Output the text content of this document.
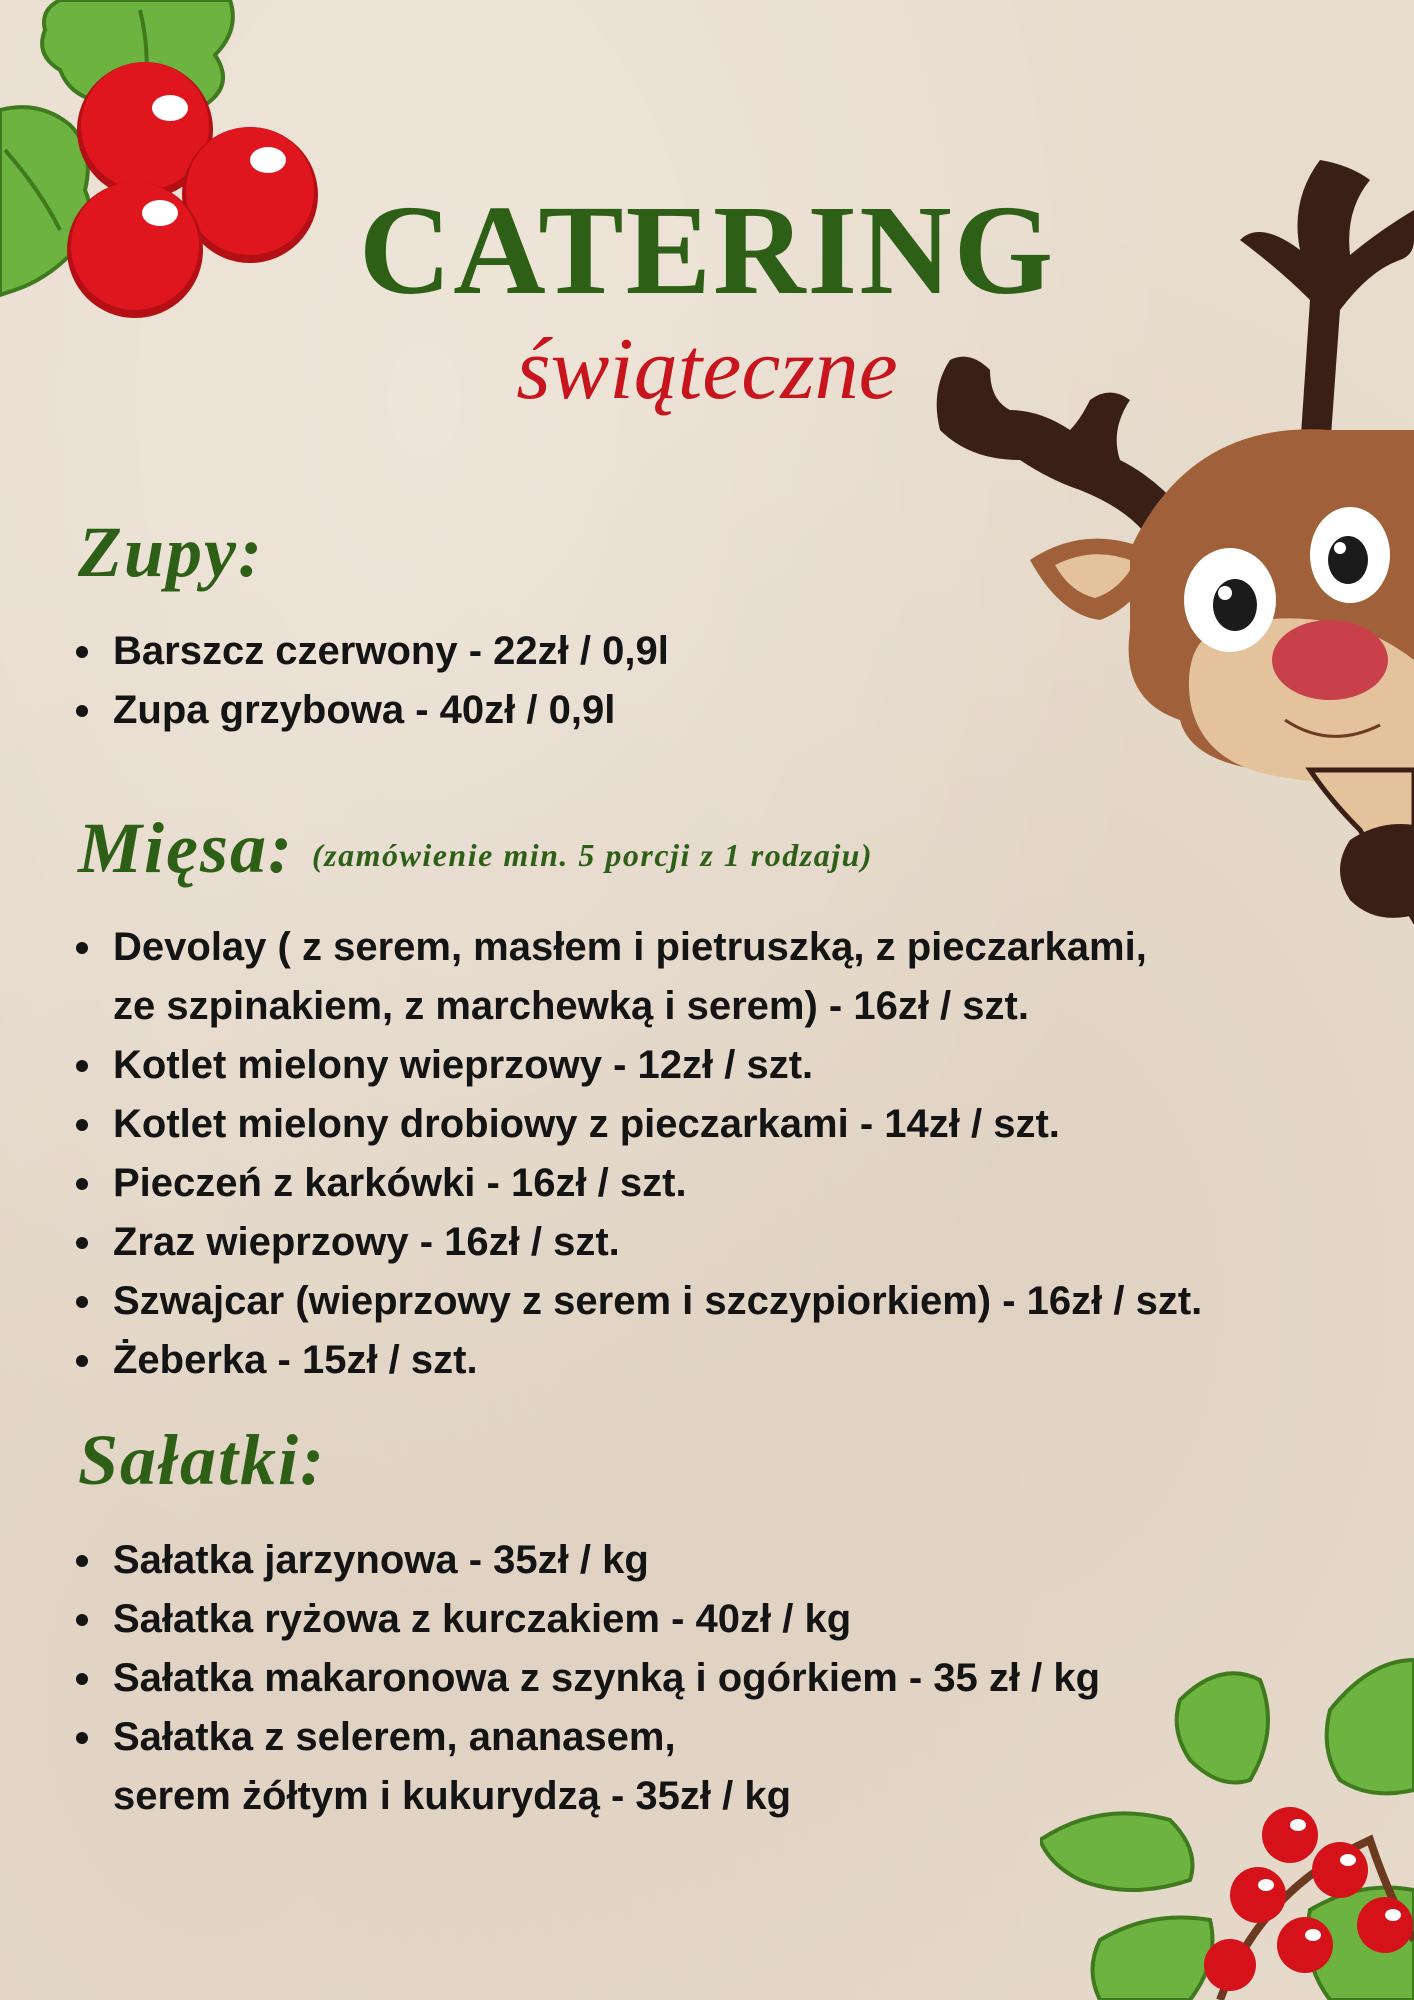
CATERING
świąteczne
Zupy:
Barszcz czerwony - 22zł / 0,9l
Zupa grzybowa - 40zł / 0,9l
Mięsa: (zamówienie min. 5 porcji z 1 rodzaju)
Devolay ( z serem, masłem i pietruszką, z pieczarkami,
ze szpinakiem, z marchewką i serem) - 16zł / szt.
Kotlet mielony wieprzowy - 12zł / szt.
Kotlet mielony drobiowy z pieczarkami - 14zł / szt.
Pieczeń z karkówki - 16zł / szt.
Zraz wieprzowy - 16zł / szt.
Szwajcar (wieprzowy z serem i szczypiorkiem) - 16zł / szt.
Żeberka - 15zł / szt.
Sałatki:
Sałatka jarzynowa - 35zł / kg
Sałatka ryżowa z kurczakiem - 40zł / kg
Sałatka makaronowa z szynką i ogórkiem - 35 zł / kg
Sałatka z selerem, ananasem,
serem żółtym i kukurydzą - 35zł / kg
